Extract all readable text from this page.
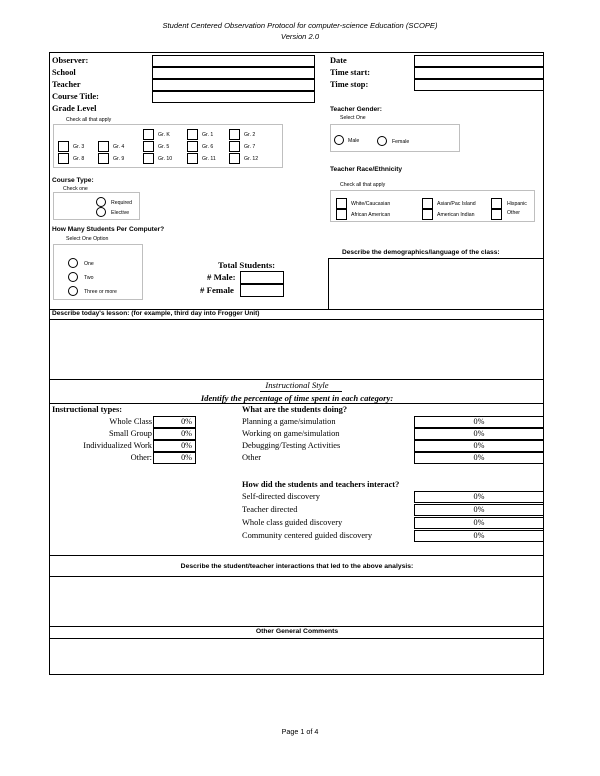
Student Centered Observation Protocol for computer-science Education (SCOPE)
Version 2.0
Observer:
School
Teacher
Course Title:
Date
Time start:
Time stop:
Grade Level
Check all that apply
Gr. K	Gr. 1	Gr. 2
Gr. 3	Gr. 4	Gr. 5	Gr. 6	Gr. 7
Gr. 8	Gr. 9	Gr. 10	Gr. 11	Gr. 12
Teacher Gender:
Select One
Male	Female
Course Type:
Check one
Required
Elective
Teacher Race/Ethnicity
Check all that apply
White/Caucasian	Asian/Pac Island	Hispanic
African American	American Indian	Other
How Many Students Per Computer?
Select One Option
One
Two
Three or more
Total Students:
# Male:
# Female
Describe the demographics/language of the class:
Describe today's lesson: (for example, third day into Frogger Unit)
Instructional Style
Identify the percentage of time spent in each category:
Instructional types:
Whole Class	0%
Small Group	0%
Individualized Work	0%
Other:	0%
What are the students doing?
Planning a game/simulation	0%
Working on game/simulation	0%
Debugging/Testing Activities	0%
Other	0%
How did the students and teachers interact?
Self-directed discovery	0%
Teacher directed	0%
Whole class guided discovery	0%
Community centered guided discovery	0%
Describe the student/teacher interactions that led to the above analysis:
Other General Comments
Page 1 of 4
